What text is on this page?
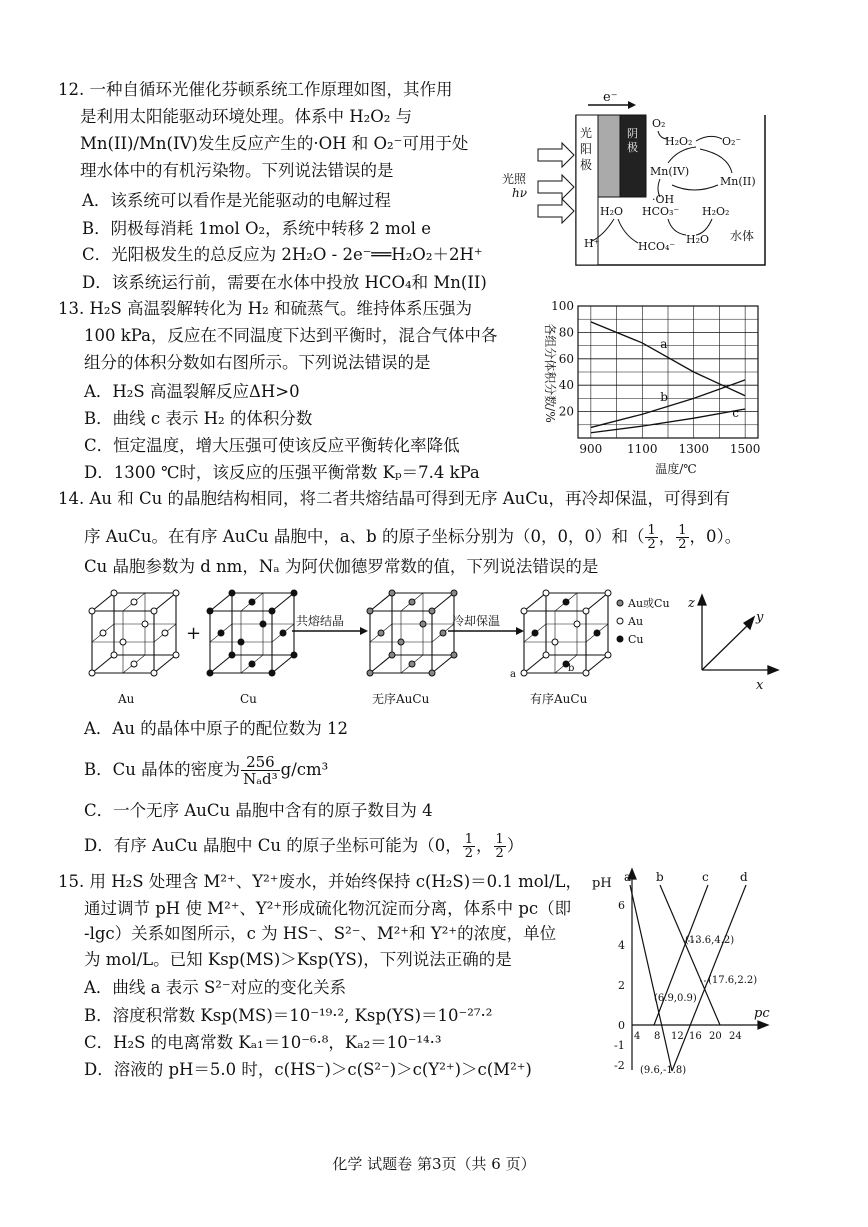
12. 一种自循环光催化芬顿系统工作原理如图，其作用
是利用太阳能驱动环境处理。体系中 H₂O₂ 与
Mn(II)/Mn(IV)发生反应产生的·OH 和 O₂⁻可用于处
理水体中的有机污染物。下列说法错误的是
A．该系统可以看作是光能驱动的电解过程
B．阴极每消耗 1mol O₂，系统中转移 2 mol e
C．光阳极发生的总反应为 2H₂O - 2e⁻══H₂O₂＋2H⁺
D．该系统运行前，需要在水体中投放 HCO₄和 Mn(II)
e⁻
光阳极
阴极
光照
hν
O₂
H₂O₂	O₂⁻
Mn(IV)
Mn(II)
·OH
H₂O HCO₃⁻ H₂O₂
H⁺	HCO₄⁻
H₂O 水体
13. H₂S 高温裂解转化为 H₂ 和硫蒸气。维持体系压强为
100 kPa，反应在不同温度下达到平衡时，混合气体中各
组分的体积分数如右图所示。下列说法错误的是
A．H₂S 高温裂解反应ΔH>0
B．曲线 c 表示 H₂ 的体积分数
C．恒定温度，增大压强可使该反应平衡转化率降低
D．1300 ℃时，该反应的压强平衡常数 Kₚ＝7.4 kPa
a
b
c
20
40
60
80
100
900 1100 1300 1500
各组分体积分数/%
温度/℃
14. Au 和 Cu 的晶胞结构相同，将二者共熔结晶可得到无序 AuCu，再冷却保温，可得到有
序 AuCu。在有序 AuCu 晶胞中，a、b 的原子坐标分别为（0，0，0）和（ $\frac{1}{2}$ ， $\frac{1}{2}$ ，0）。
Cu 晶胞参数为 d nm，Nₐ 为阿伏伽德罗常数的值，下列说法错误的是
+
共熔结晶	冷却保温
Au	Cu	无序AuCu	有序AuCu
a
b
Au或Cu
Au
Cu
z
y
x
A．Au 的晶体中原子的配位数为 12
B．Cu 晶体的密度为 $\frac{256}{\text{Nₐd³}} g/cm^3$
C．一个无序 AuCu 晶胞中含有的原子数目为 4
D．有序 AuCu 晶胞中 Cu 的原子坐标可能为（0， $\frac{1}{2}$ ， $\frac{1}{2}$ ）
15. 用 H₂S 处理含 M²⁺、Y²⁺废水，并始终保持 c(H₂S)＝0.1 mol/L，
通过调节 pH 使 M²⁺、Y²⁺形成硫化物沉淀而分离，体系中 pc（即
-lgc）关系如图所示，c 为 HS⁻、S²⁻、M²⁺和 Y²⁺的浓度，单位
为 mol/L。已知 Ksp(MS)＞Ksp(YS)，下列说法正确的是
A．曲线 a 表示 S²⁻对应的变化关系
B．溶度积常数 Ksp(MS)＝10⁻¹⁹·², Ksp(YS)＝10⁻²⁷·²
C．H₂S 的电离常数 Kₐ₁＝10⁻⁶·⁸，Kₐ₂＝10⁻¹⁴·³
D．溶液的 pH＝5.0 时，c(HS⁻)＞c(S²⁻)＞c(Y²⁺)＞c(M²⁺)
pH
pc
6
4
2
0
-1
-2
4 8 12 16 20 24
a b	c	d
(13.6,4.2)
(17.6,2.2)
(6.9,0.9)
(9.6,-1.8)
化学 试题卷 第3页（共 6 页）
